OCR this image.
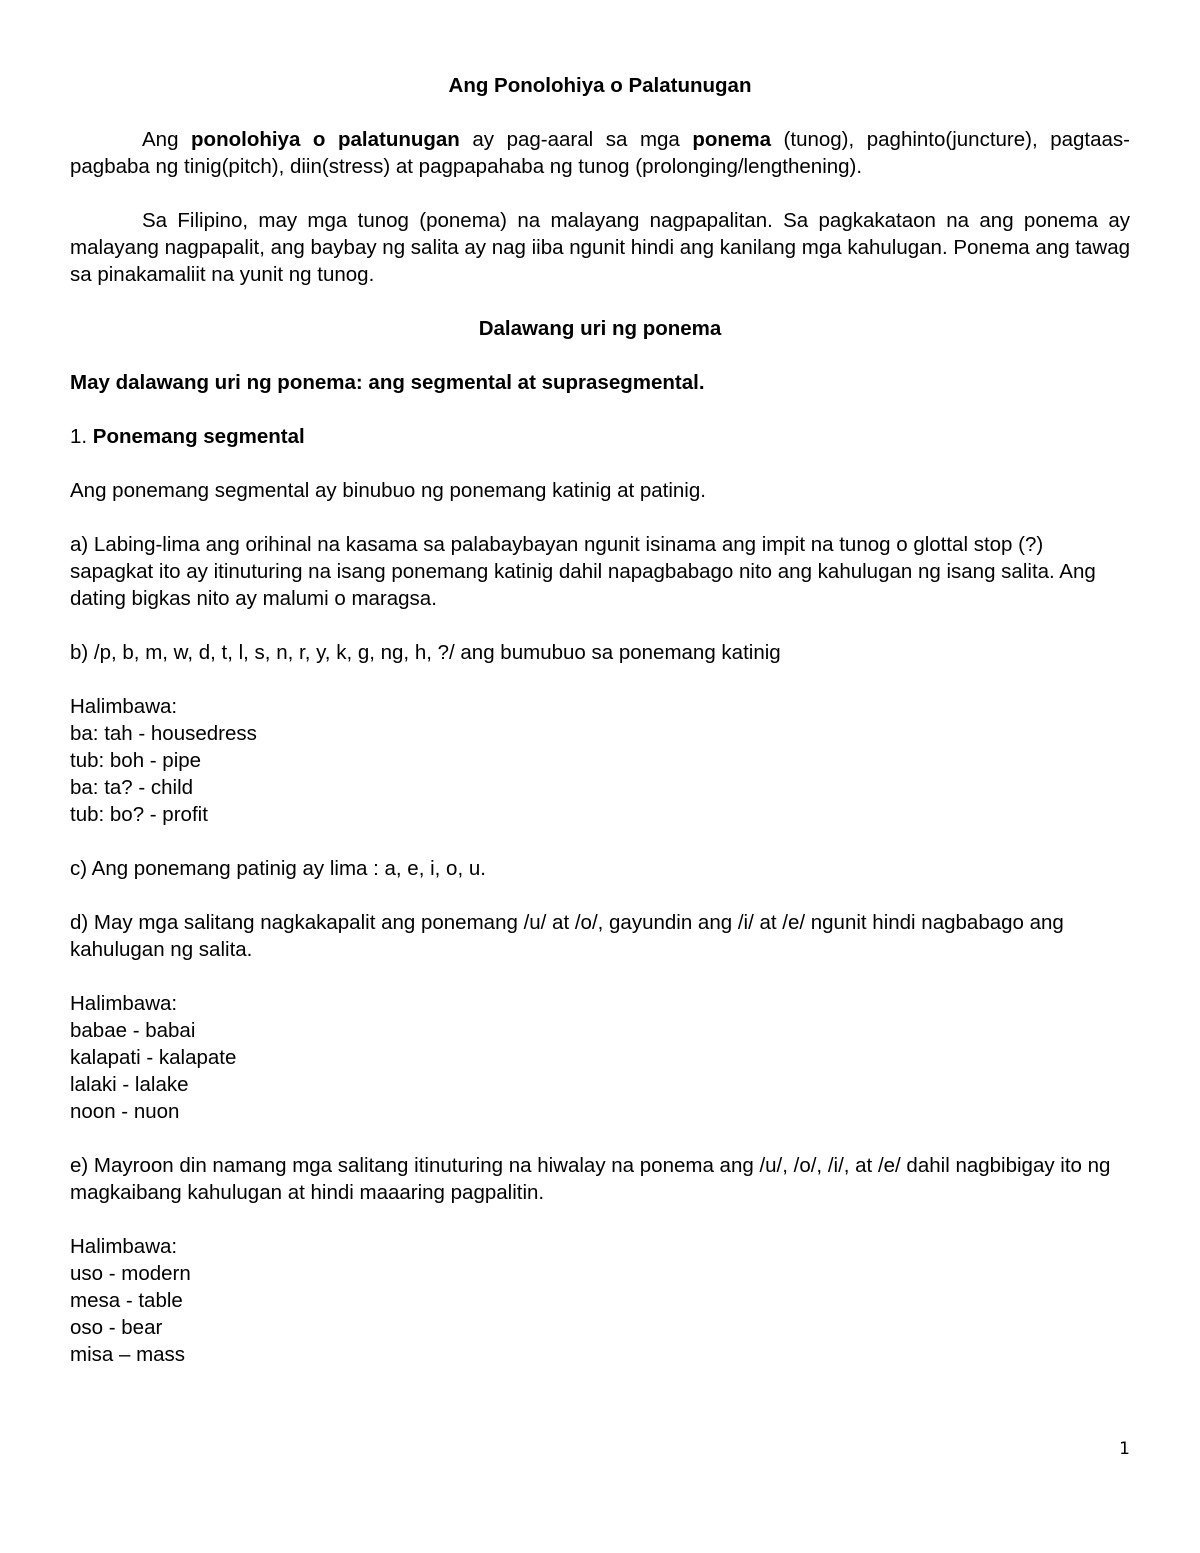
Ang Ponolohiya o Palatunugan

Ang ponolohiya o palatunugan ay pag-aaral sa mga ponema (tunog), paghinto(juncture), pagtaas-pagbaba ng tinig(pitch), diin(stress) at pagpapahaba ng tunog (prolonging/lengthening).

Sa Filipino, may mga tunog (ponema) na malayang nagpapalitan. Sa pagkakataon na ang ponema ay malayang nagpapalit, ang baybay ng salita ay nag iiba ngunit hindi ang kanilang mga kahulugan. Ponema ang tawag sa pinakamaliit na yunit ng tunog.

Dalawang uri ng ponema

May dalawang uri ng ponema: ang segmental at suprasegmental.

1. Ponemang segmental

Ang ponemang segmental ay binubuo ng ponemang katinig at patinig.

a) Labing-lima ang orihinal na kasama sa palabaybayan ngunit isinama ang impit na tunog o glottal stop (?) sapagkat ito ay itinuturing na isang ponemang katinig dahil napagbabago nito ang kahulugan ng isang salita. Ang dating bigkas nito ay malumi o maragsa.

b) /p, b, m, w, d, t, l, s, n, r, y, k, g, ng, h, ?/ ang bumubuo sa ponemang katinig

Halimbawa:

ba: tah - housedress

tub: boh - pipe

ba: ta? - child

tub: bo? - profit

c) Ang ponemang patinig ay lima : a, e, i, o, u.

d) May mga salitang nagkakapalit ang ponemang /u/ at /o/, gayundin ang /i/ at /e/ ngunit hindi nagbabago ang kahulugan ng salita.

Halimbawa:

babae - babai

kalapati - kalapate

lalaki - lalake

noon - nuon

e) Mayroon din namang mga salitang itinuturing na hiwalay na ponema ang /u/, /o/, /i/, at /e/ dahil nagbibigay ito ng magkaibang kahulugan at hindi maaaring pagpalitin.

Halimbawa:

uso - modern

mesa - table

oso - bear

misa – mass

1
